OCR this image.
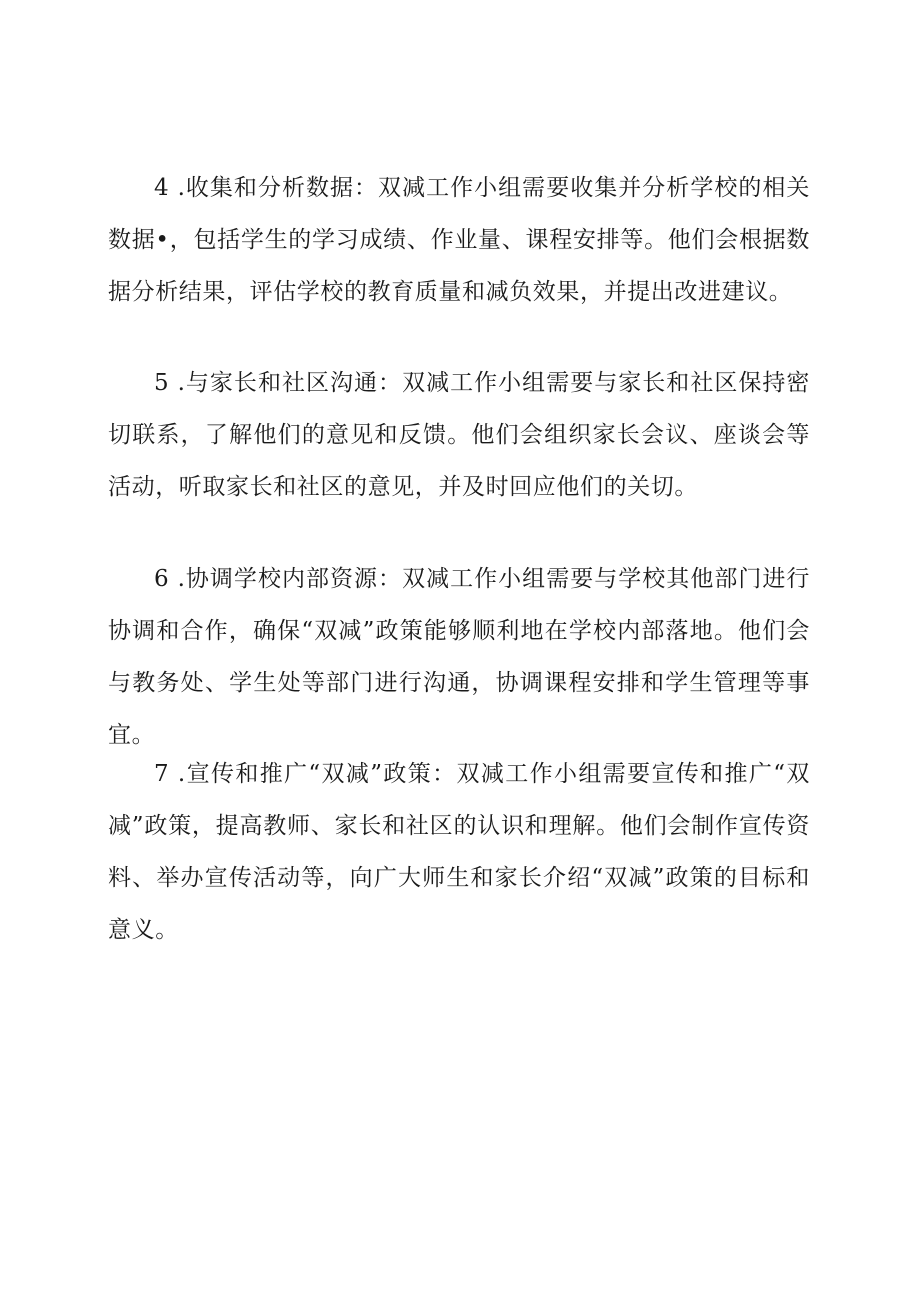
4 .收集和分析数据：双减工作小组需要收集并分析学校的相关数据•，包括学生的学习成绩、作业量、课程安排等。他们会根据数据分析结果，评估学校的教育质量和减负效果，并提出改进建议。

5 .与家长和社区沟通：双减工作小组需要与家长和社区保持密切联系，了解他们的意见和反馈。他们会组织家长会议、座谈会等活动，听取家长和社区的意见，并及时回应他们的关切。

6 .协调学校内部资源：双减工作小组需要与学校其他部门进行协调和合作，确保“双减”政策能够顺利地在学校内部落地。他们会与教务处、学生处等部门进行沟通，协调课程安排和学生管理等事宜。

7 .宣传和推广“双减”政策：双减工作小组需要宣传和推广“双减”政策，提高教师、家长和社区的认识和理解。他们会制作宣传资料、举办宣传活动等，向广大师生和家长介绍“双减”政策的目标和意义。
